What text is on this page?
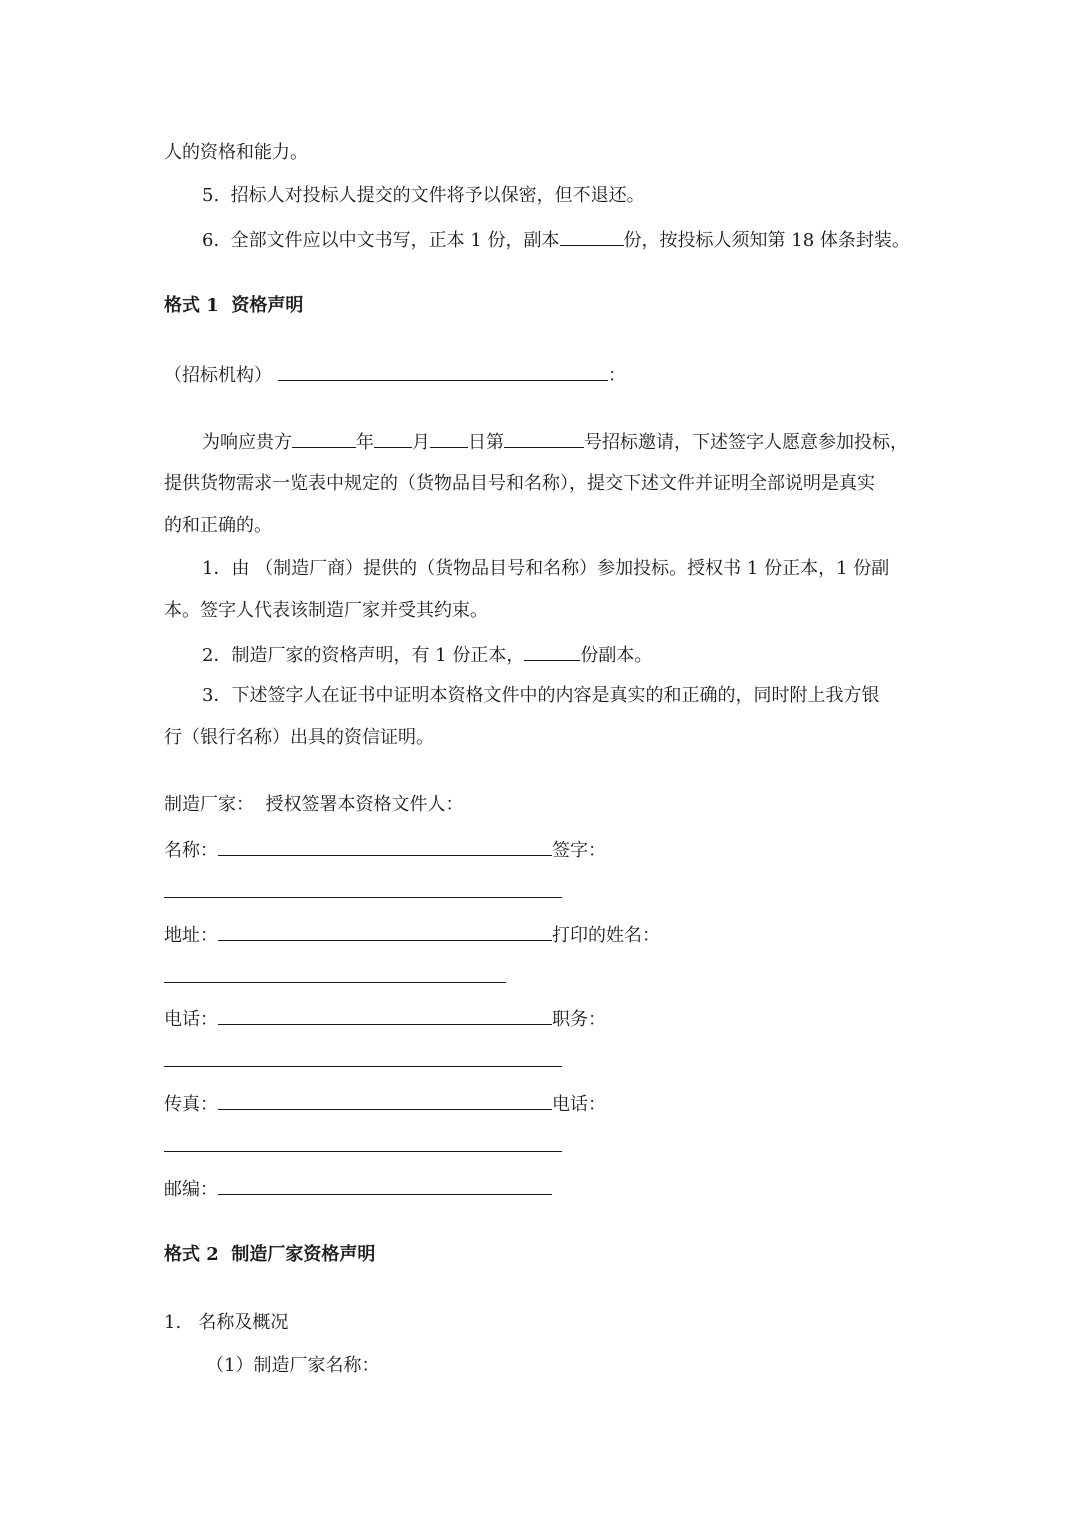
人的资格和能力。
5.  招标人对投标人提交的文件将予以保密，但不退还。
6.  全部文件应以中文书写，正本 1 份，副本	份，按投标人须知第 18 体条封装。
格式 1  资格声明
（招标机构）	：
为响应贵方	年 月 日第	号招标邀请，下述签字人愿意参加投标，
提供货物需求一览表中规定的（货物品目号和名称），提交下述文件并证明全部说明是真实
的和正确的。
1．由 （制造厂商）提供的（货物品目号和名称）参加投标。授权书 1 份正本，1 份副
本。签字人代表该制造厂家并受其约束。
2．制造厂家的资格声明，有 1 份正本，	份副本。
3．下述签字人在证书中证明本资格文件中的内容是真实的和正确的，同时附上我方银
行（银行名称）出具的资信证明。
制造厂家：  授权签署本资格文件人：
名称：	签字：
地址：	打印的姓名：
电话：	职务：
传真：	电话：
邮编：
格式 2  制造厂家资格声明
1.   名称及概况
（1）制造厂家名称：
